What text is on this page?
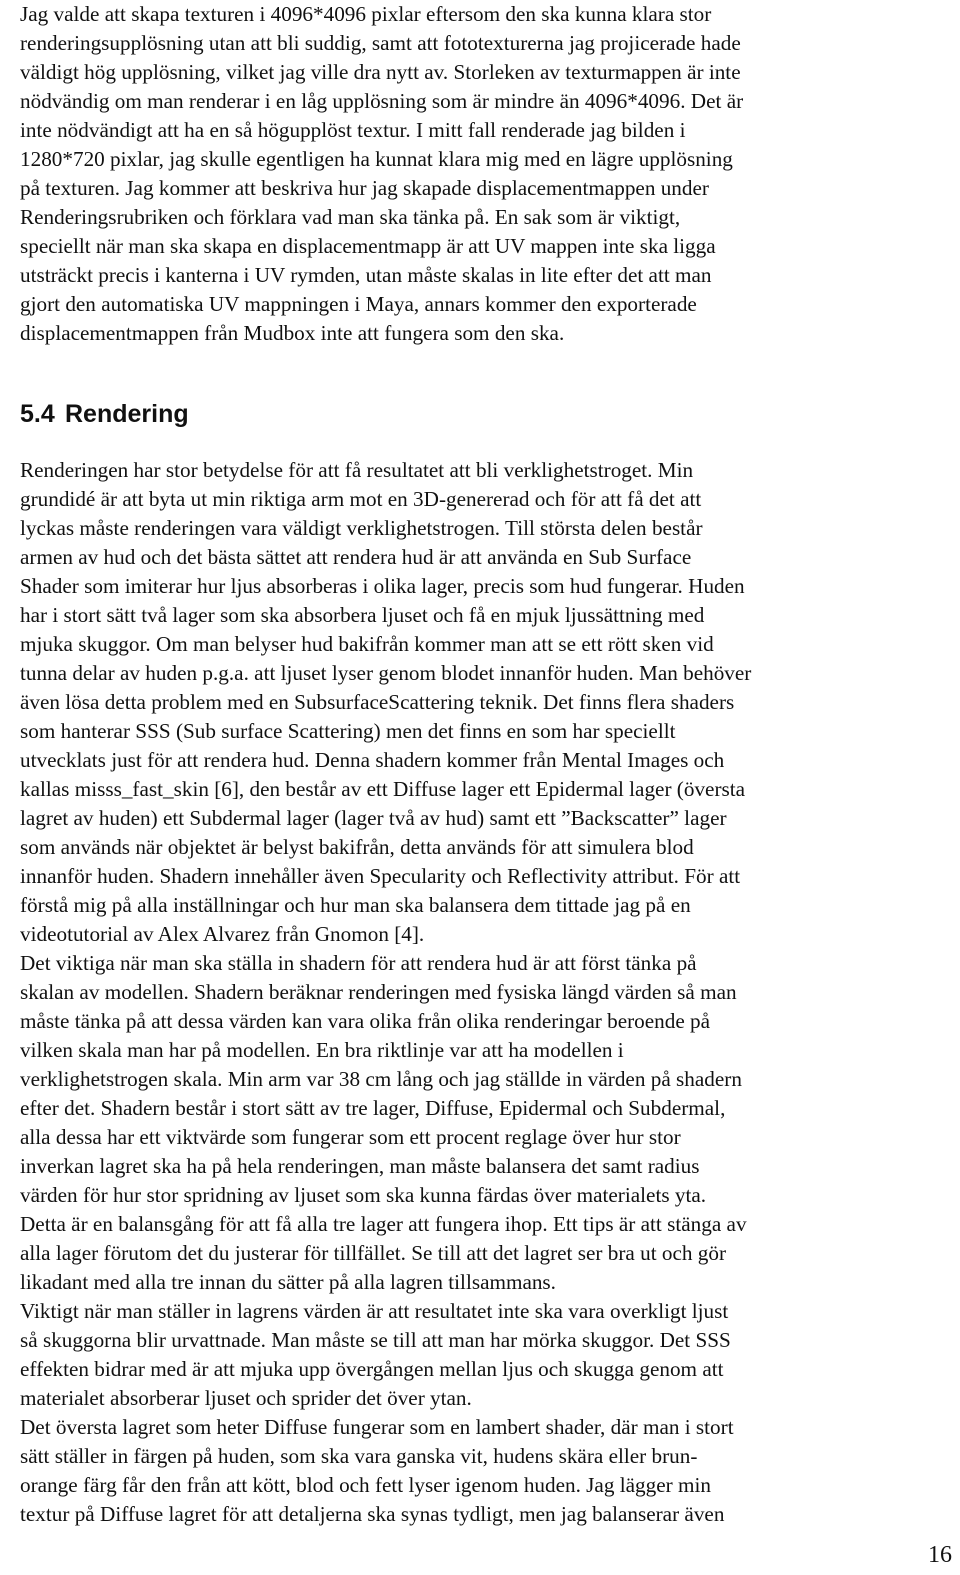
Jag valde att skapa texturen i 4096*4096 pixlar eftersom den ska kunna klara stor
renderingsupplösning utan att bli suddig, samt att fototexturerna jag projicerade hade
väldigt hög upplösning, vilket jag ville dra nytt av. Storleken av texturmappen är inte
nödvändig om man renderar i en låg upplösning som är mindre än 4096*4096. Det är
inte nödvändigt att ha en så högupplöst textur. I mitt fall renderade jag bilden i
1280*720 pixlar, jag skulle egentligen ha kunnat klara mig med en lägre upplösning
på texturen. Jag kommer att beskriva hur jag skapade displacementmappen under
Renderingsrubriken och förklara vad man ska tänka på. En sak som är viktigt,
speciellt när man ska skapa en displacementmapp är att UV mappen inte ska ligga
utsträckt precis i kanterna i UV rymden, utan måste skalas in lite efter det att man
gjort den automatiska UV mappningen i Maya, annars kommer den exporterade
displacementmappen från Mudbox inte att fungera som den ska.
5.4 Rendering
Renderingen har stor betydelse för att få resultatet att bli verklighetstroget. Min
grundidé är att byta ut min riktiga arm mot en 3D-genererad och för att få det att
lyckas måste renderingen vara väldigt verklighetstrogen. Till största delen består
armen av hud och det bästa sättet att rendera hud är att använda en Sub Surface
Shader som imiterar hur ljus absorberas i olika lager, precis som hud fungerar. Huden
har i stort sätt två lager som ska absorbera ljuset och få en mjuk ljussättning med
mjuka skuggor. Om man belyser hud bakifrån kommer man att se ett rött sken vid
tunna delar av huden p.g.a. att ljuset lyser genom blodet innanför huden. Man behöver
även lösa detta problem med en SubsurfaceScattering teknik. Det finns flera shaders
som hanterar SSS (Sub surface Scattering) men det finns en som har speciellt
utvecklats just för att rendera hud. Denna shadern kommer från Mental Images och
kallas misss_fast_skin [6], den består av ett Diffuse lager ett Epidermal lager (översta
lagret av huden) ett Subdermal lager (lager två av hud) samt ett ”Backscatter” lager
som används när objektet är belyst bakifrån, detta används för att simulera blod
innanför huden. Shadern innehåller även Specularity och Reflectivity attribut. För att
förstå mig på alla inställningar och hur man ska balansera dem tittade jag på en
videotutorial av Alex Alvarez från Gnomon [4].
Det viktiga när man ska ställa in shadern för att rendera hud är att först tänka på
skalan av modellen. Shadern beräknar renderingen med fysiska längd värden så man
måste tänka på att dessa värden kan vara olika från olika renderingar beroende på
vilken skala man har på modellen. En bra riktlinje var att ha modellen i
verklighetstrogen skala. Min arm var 38 cm lång och jag ställde in värden på shadern
efter det. Shadern består i stort sätt av tre lager, Diffuse, Epidermal och Subdermal,
alla dessa har ett viktvärde som fungerar som ett procent reglage över hur stor
inverkan lagret ska ha på hela renderingen, man måste balansera det samt radius
värden för hur stor spridning av ljuset som ska kunna färdas över materialets yta.
Detta är en balansgång för att få alla tre lager att fungera ihop. Ett tips är att stänga av
alla lager förutom det du justerar för tillfället. Se till att det lagret ser bra ut och gör
likadant med alla tre innan du sätter på alla lagren tillsammans.
Viktigt när man ställer in lagrens värden är att resultatet inte ska vara overkligt ljust
så skuggorna blir urvattnade. Man måste se till att man har mörka skuggor. Det SSS
effekten bidrar med är att mjuka upp övergången mellan ljus och skugga genom att
materialet absorberar ljuset och sprider det över ytan.
Det översta lagret som heter Diffuse fungerar som en lambert shader, där man i stort
sätt ställer in färgen på huden, som ska vara ganska vit, hudens skära eller brun-
orange färg får den från att kött, blod och fett lyser igenom huden. Jag lägger min
textur på Diffuse lagret för att detaljerna ska synas tydligt, men jag balanserar även
16
